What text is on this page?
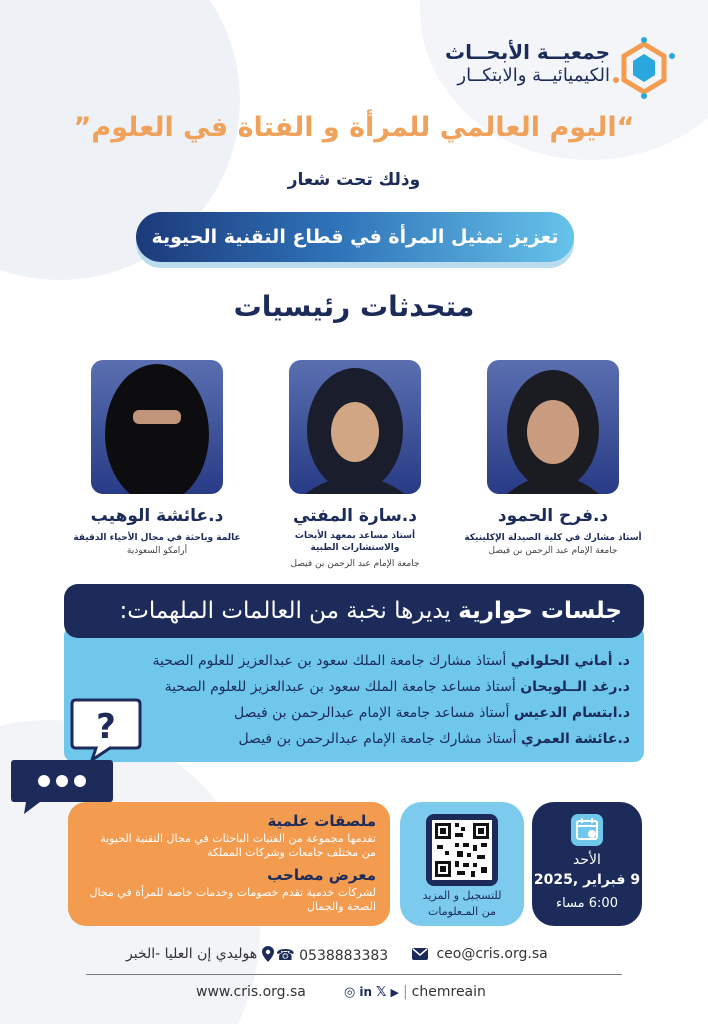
جمعيــة الأبحــاث
الكيميائيــة والابتكــار
“اليوم العالمي للمرأة و الفتاة في العلوم”
وذلك تحت شعار
تعزيز تمثيل المرأة في قطاع التقنية الحيوية
متحدثات رئيسيات
د.فرح الحمود
أستاذ مشارك في كلية الصيدلة الإكلينيكة
جامعة الإمام عبد الرحمن بن فيصل
د.سارة المفتي
أستاذ مساعد بمعهد الأبحاث والاستشارات الطبية
جامعة الإمام عبد الرحمن بن فيصل
د.عائشة الوهيب
عالمة وباحثة في مجال الأحياء الدقيقة
أرامكو السعودية
جلسات حوارية يديرها نخبة من العالمات الملهمات:
د. أماني الحلواني أستاذ مشارك جامعة الملك سعود بن عبدالعزيز للعلوم الصحية
د.رغد الــلويحان أستاذ مساعد جامعة الملك سعود بن عبدالعزيز للعلوم الصحية
د.ابتسام الدعيس أستاذ مساعد جامعة الإمام عبدالرحمن بن فيصل
د.عائشة العمري أستاذ مشارك جامعة الإمام عبدالرحمن بن فيصل
?
ملصقات علمية
تقدمها مجموعة من الفتيات الباحثات في مجال التقنية الحيوية من مختلف جامعات وشركات المملكة
معرض مصاحب
لشركات خدمية تقدم خصومات وخدمات خاصة للمرأة في مجال الصحة والجمال
للتسجيل و المزيد
من المـعلومات
الأحد
9 فبراير ,2025
6:00 مساء
ceo@cris.org.sa
☎ 0538883383
هوليدي إن العليا -الخبر
www.cris.org.sa	◎ in 𝕏 ▶ | chemreain
